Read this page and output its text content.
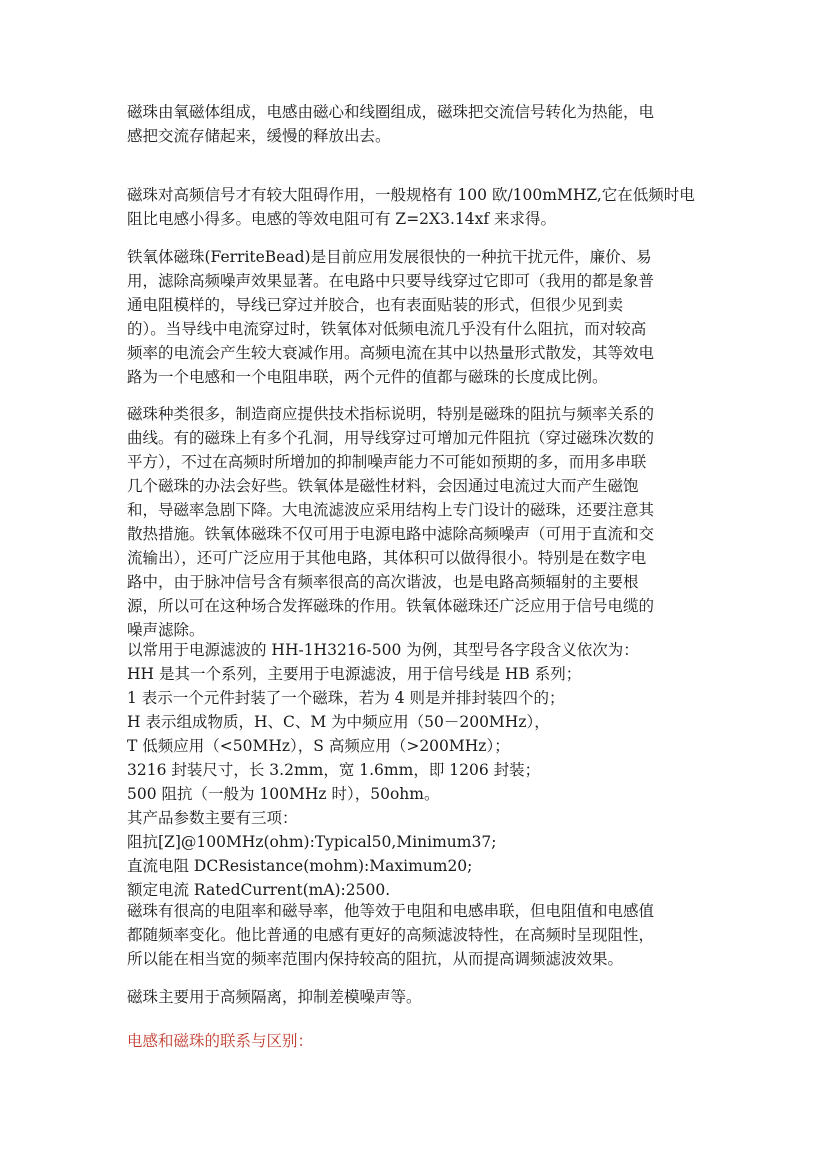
磁珠由氧磁体组成，电感由磁心和线圈组成，磁珠把交流信号转化为热能，电
感把交流存储起来，缓慢的释放出去。
磁珠对高频信号才有较大阻碍作用，一般规格有 100 欧/100mMHZ,它在低频时电
阻比电感小得多。电感的等效电阻可有 Z=2X3.14xf 来求得。
铁氧体磁珠(FerriteBead)是目前应用发展很快的一种抗干扰元件，廉价、易
用，滤除高频噪声效果显著。在电路中只要导线穿过它即可（我用的都是象普
通电阻模样的，导线已穿过并胶合，也有表面贴装的形式，但很少见到卖
的）。当导线中电流穿过时，铁氧体对低频电流几乎没有什么阻抗，而对较高
频率的电流会产生较大衰减作用。高频电流在其中以热量形式散发，其等效电
路为一个电感和一个电阻串联，两个元件的值都与磁珠的长度成比例。
磁珠种类很多，制造商应提供技术指标说明，特别是磁珠的阻抗与频率关系的
曲线。有的磁珠上有多个孔洞，用导线穿过可增加元件阻抗（穿过磁珠次数的
平方），不过在高频时所增加的抑制噪声能力不可能如预期的多，而用多串联
几个磁珠的办法会好些。铁氧体是磁性材料，会因通过电流过大而产生磁饱
和，导磁率急剧下降。大电流滤波应采用结构上专门设计的磁珠，还要注意其
散热措施。铁氧体磁珠不仅可用于电源电路中滤除高频噪声（可用于直流和交
流输出），还可广泛应用于其他电路，其体积可以做得很小。特别是在数字电
路中，由于脉冲信号含有频率很高的高次谐波，也是电路高频辐射的主要根
源，所以可在这种场合发挥磁珠的作用。铁氧体磁珠还广泛应用于信号电缆的
噪声滤除。
以常用于电源滤波的 HH-1H3216-500 为例，其型号各字段含义依次为：
HH 是其一个系列，主要用于电源滤波，用于信号线是 HB 系列；
1 表示一个元件封装了一个磁珠，若为 4 则是并排封装四个的；
H 表示组成物质，H、C、M 为中频应用（50－200MHz），
T 低频应用（<50MHz），S 高频应用（>200MHz）；
3216 封装尺寸，长 3.2mm，宽 1.6mm，即 1206 封装；
500 阻抗（一般为 100MHz 时），50ohm。
其产品参数主要有三项：
阻抗[Z]@100MHz(ohm):Typical50,Minimum37;
直流电阻 DCResistance(mohm):Maximum20;
额定电流 RatedCurrent(mA):2500.
磁珠有很高的电阻率和磁导率，他等效于电阻和电感串联，但电阻值和电感值
都随频率变化。他比普通的电感有更好的高频滤波特性，在高频时呈现阻性，
所以能在相当宽的频率范围内保持较高的阻抗，从而提高调频滤波效果。
磁珠主要用于高频隔离，抑制差模噪声等。
电感和磁珠的联系与区别：
